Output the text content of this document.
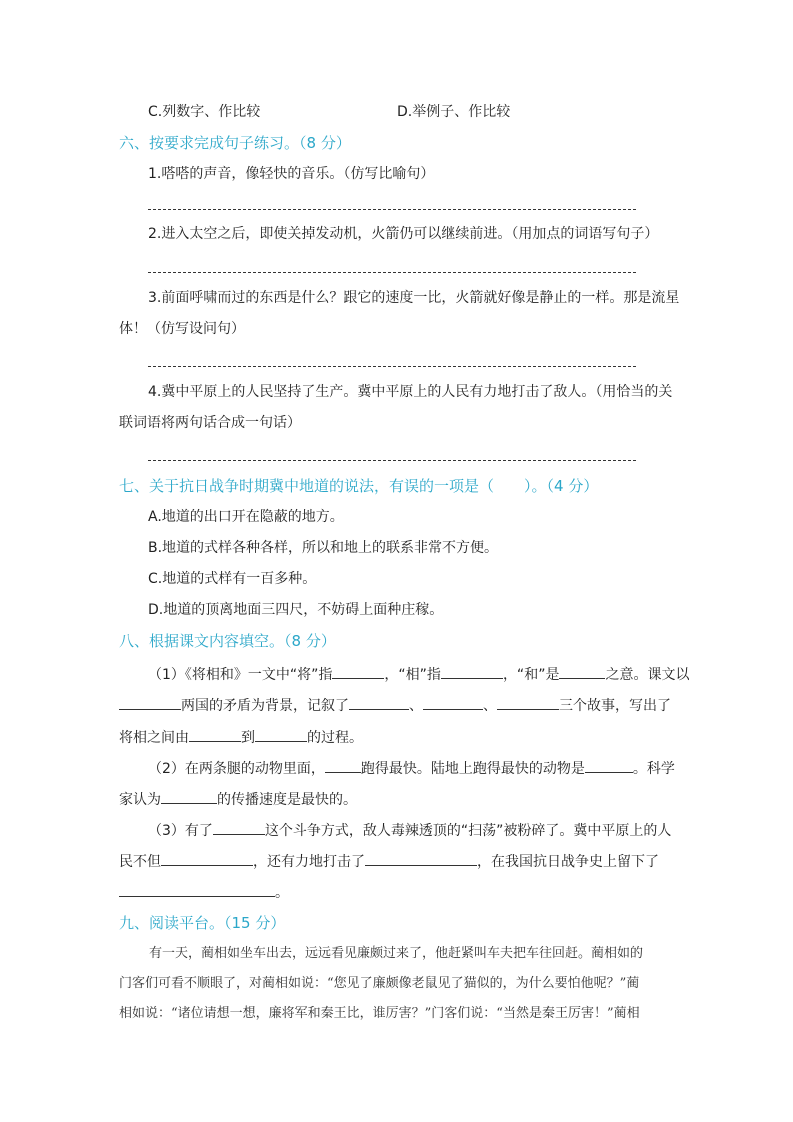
C.列数字、作比较	D.举例子、作比较
六、按要求完成句子练习。（8 分）
1.嗒嗒的声音，像轻快的音乐。（仿写比喻句）
2.进入太空之后，即使关掉发动机，火箭仍可以继续前进。（用加点的词语写句子）
3.前面呼啸而过的东西是什么？跟它的速度一比，火箭就好像是静止的一样。那是流星
体！（仿写设问句）
4.冀中平原上的人民坚持了生产。冀中平原上的人民有力地打击了敌人。（用恰当的关
联词语将两句话合成一句话）
七、关于抗日战争时期冀中地道的说法，有误的一项是（　　）。（4 分）
A.地道的出口开在隐蔽的地方。
B.地道的式样各种各样，所以和地上的联系非常不方便。
C.地道的式样有一百多种。
D.地道的顶离地面三四尺，不妨碍上面种庄稼。
八、根据课文内容填空。（8 分）
（1）《将相和》一文中“将”指	，“相”指	，“和”是	之意。课文以
两国的矛盾为背景，记叙了	、	、	三个故事，写出了
将相之间由	到	的过程。
（2）在两条腿的动物里面，	跑得最快。陆地上跑得最快的动物是	。科学
家认为	的传播速度是最快的。
（3）有了	这个斗争方式，敌人毒辣透顶的“扫荡”被粉碎了。冀中平原上的人
民不但	，还有力地打击了	，在我国抗日战争史上留下了
。
九、阅读平台。（15 分）
有一天，蔺相如坐车出去，远远看见廉颇过来了，他赶紧叫车夫把车往回赶。蔺相如的
门客们可看不顺眼了，对蔺相如说：“您见了廉颇像老鼠见了猫似的，为什么要怕他呢？”蔺
相如说：“诸位请想一想，廉将军和秦王比，谁厉害？”门客们说：“当然是秦王厉害！”蔺相
